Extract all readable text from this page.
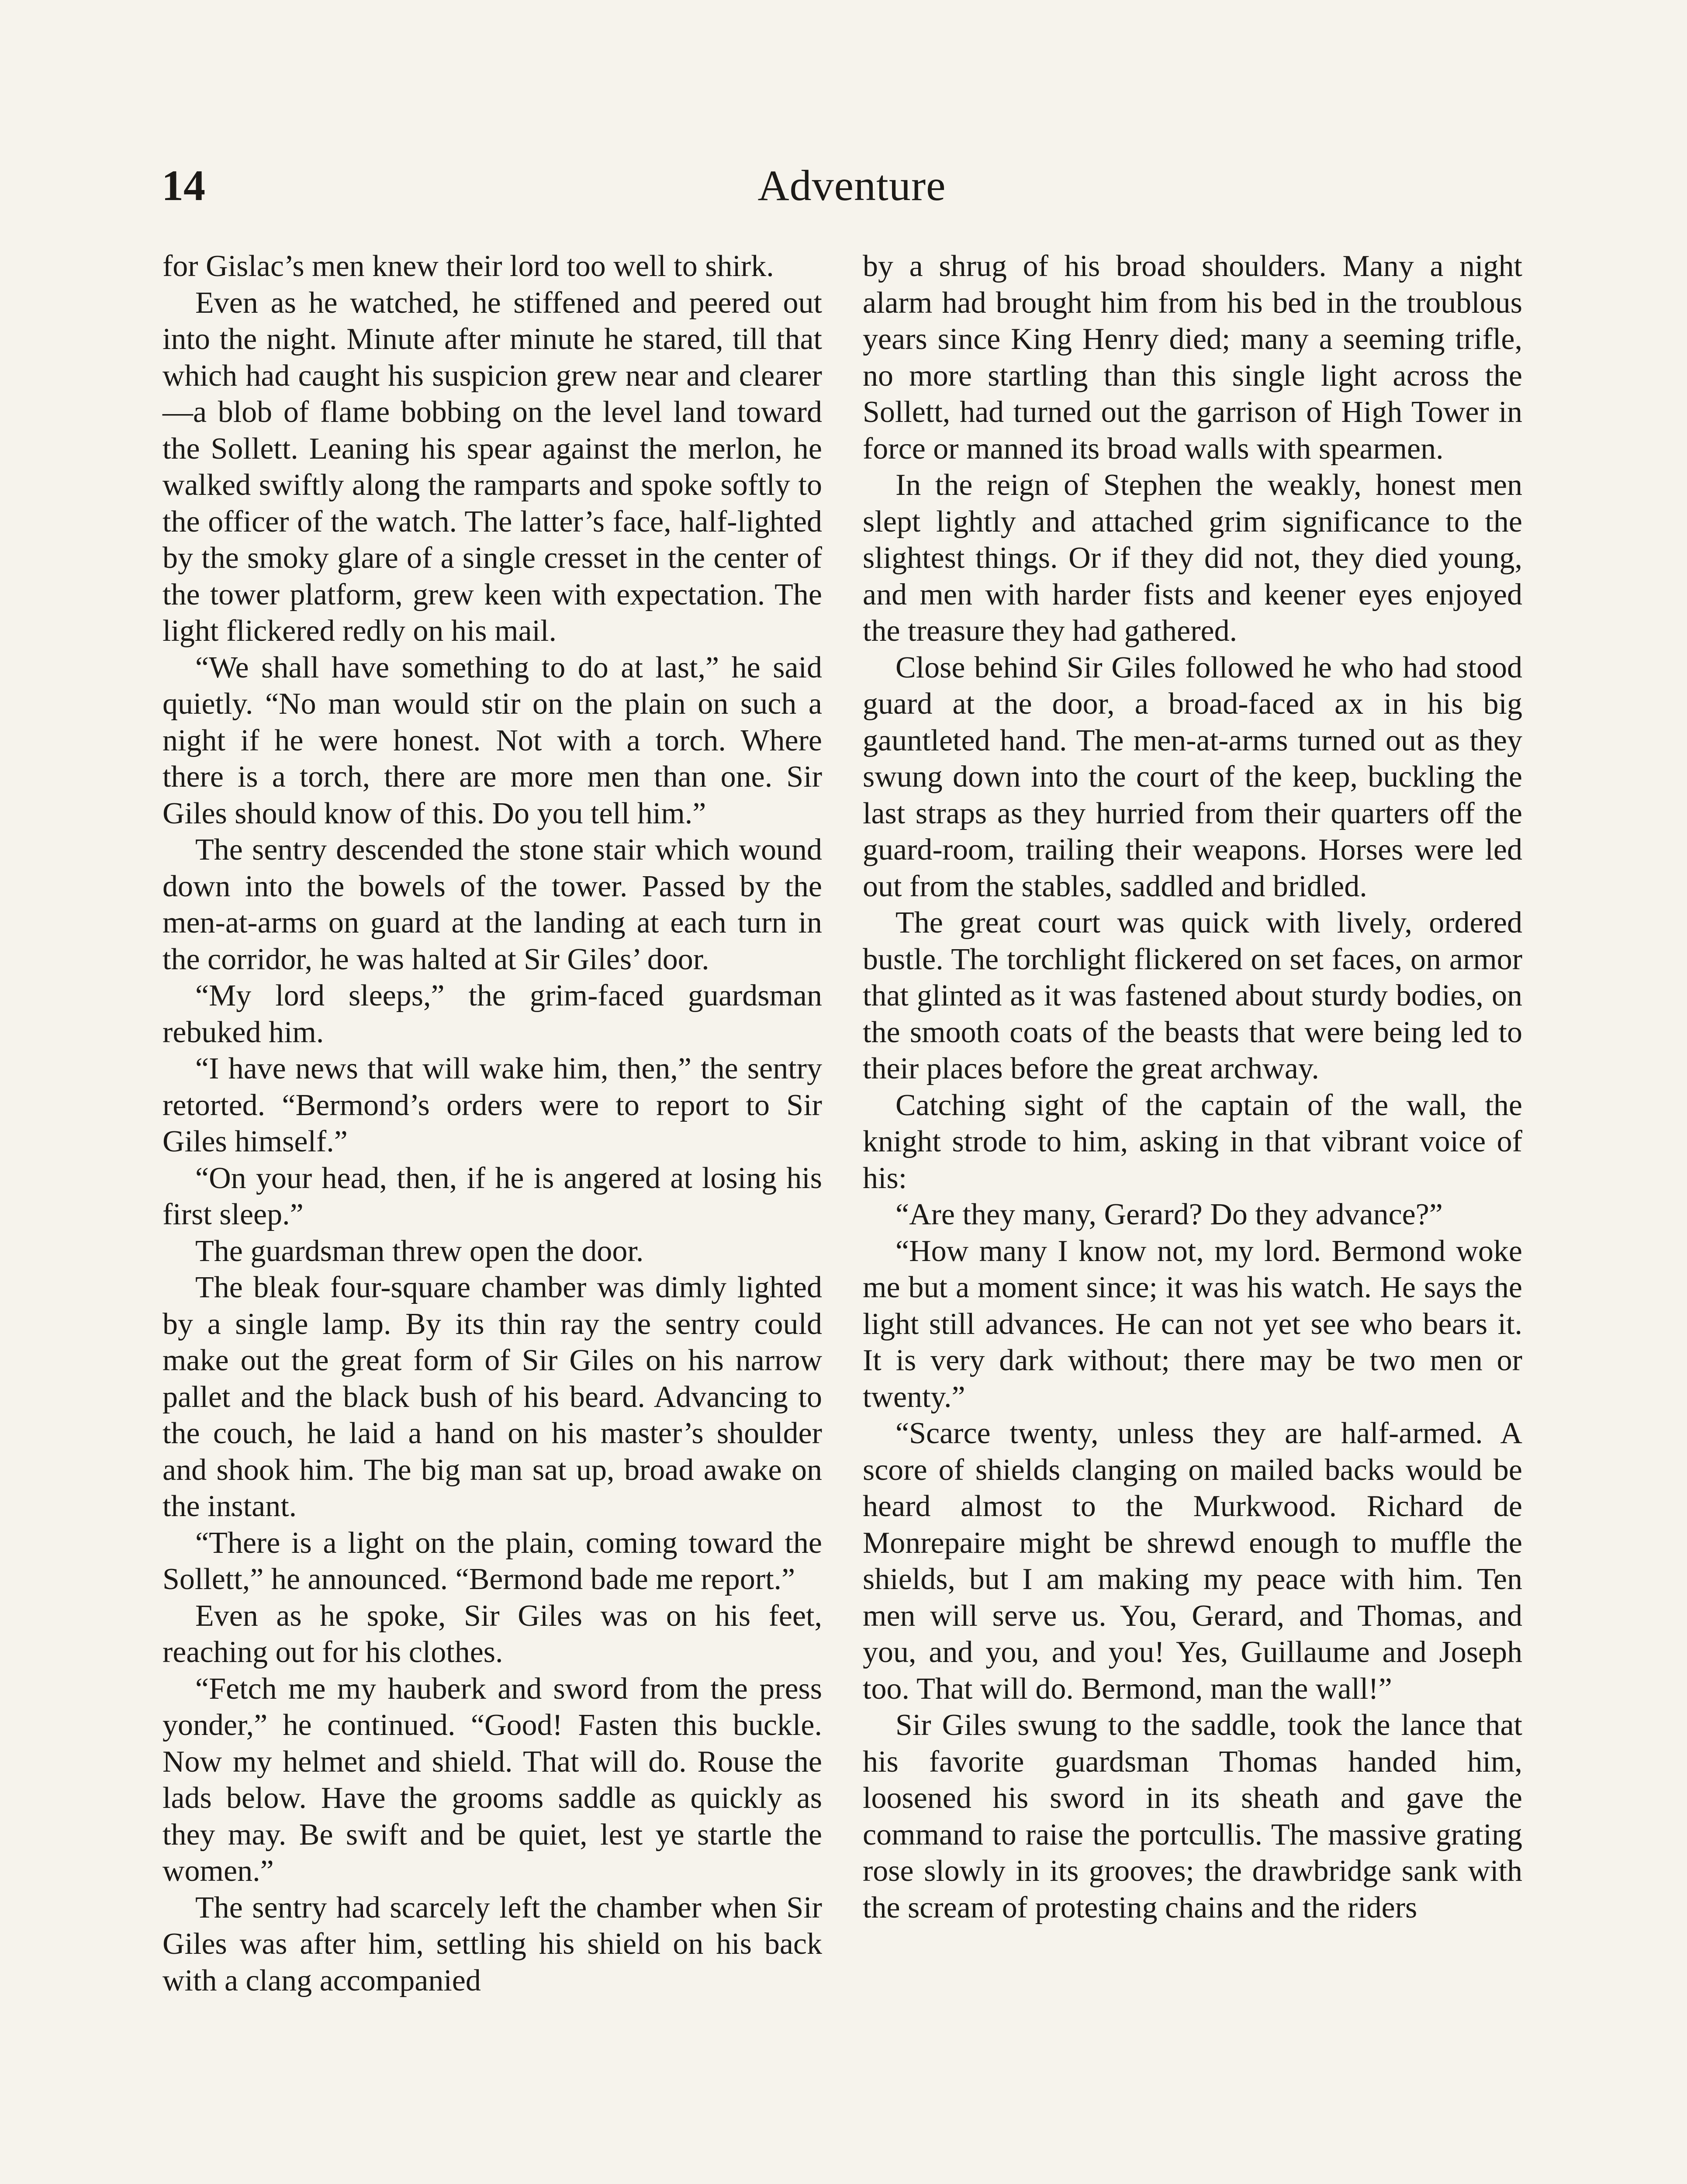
14	Adventure

for Gislac’s men knew their lord too well to shirk.

Even as he watched, he stiffened and peered out into the night. Minute after minute he stared, till that which had caught his suspicion grew near and clearer—a blob of flame bobbing on the level land toward the Sollett. Leaning his spear against the merlon, he walked swiftly along the ramparts and spoke softly to the officer of the watch. The latter’s face, half-lighted by the smoky glare of a single cresset in the center of the tower platform, grew keen with expectation. The light flickered redly on his mail.

“We shall have something to do at last,” he said quietly. “No man would stir on the plain on such a night if he were honest. Not with a torch. Where there is a torch, there are more men than one. Sir Giles should know of this. Do you tell him.”

The sentry descended the stone stair which wound down into the bowels of the tower. Passed by the men-at-arms on guard at the landing at each turn in the corridor, he was halted at Sir Giles’ door.

“My lord sleeps,” the grim-faced guardsman rebuked him.

“I have news that will wake him, then,” the sentry retorted. “Bermond’s orders were to report to Sir Giles himself.”

“On your head, then, if he is angered at losing his first sleep.”

The guardsman threw open the door.

The bleak four-square chamber was dimly lighted by a single lamp. By its thin ray the sentry could make out the great form of Sir Giles on his narrow pallet and the black bush of his beard. Advancing to the couch, he laid a hand on his master’s shoulder and shook him. The big man sat up, broad awake on the instant.

“There is a light on the plain, coming toward the Sollett,” he announced. “Bermond bade me report.”

Even as he spoke, Sir Giles was on his feet, reaching out for his clothes.

“Fetch me my hauberk and sword from the press yonder,” he continued. “Good! Fasten this buckle. Now my helmet and shield. That will do. Rouse the lads below. Have the grooms saddle as quickly as they may. Be swift and be quiet, lest ye startle the women.”

The sentry had scarcely left the chamber when Sir Giles was after him, settling his shield on his back with a clang accompanied

by a shrug of his broad shoulders. Many a night alarm had brought him from his bed in the troublous years since King Henry died; many a seeming trifle, no more startling than this single light across the Sollett, had turned out the garrison of High Tower in force or manned its broad walls with spearmen.

In the reign of Stephen the weakly, honest men slept lightly and attached grim significance to the slightest things. Or if they did not, they died young, and men with harder fists and keener eyes enjoyed the treasure they had gathered.

Close behind Sir Giles followed he who had stood guard at the door, a broad-faced ax in his big gauntleted hand. The men-at-arms turned out as they swung down into the court of the keep, buckling the last straps as they hurried from their quarters off the guard-room, trailing their weapons. Horses were led out from the stables, saddled and bridled.

The great court was quick with lively, ordered bustle. The torchlight flickered on set faces, on armor that glinted as it was fastened about sturdy bodies, on the smooth coats of the beasts that were being led to their places before the great archway.

Catching sight of the captain of the wall, the knight strode to him, asking in that vibrant voice of his:

“Are they many, Gerard? Do they advance?”

“How many I know not, my lord. Bermond woke me but a moment since; it was his watch. He says the light still advances. He can not yet see who bears it. It is very dark without; there may be two men or twenty.”

“Scarce twenty, unless they are half-armed. A score of shields clanging on mailed backs would be heard almost to the Murkwood. Richard de Monrepaire might be shrewd enough to muffle the shields, but I am making my peace with him. Ten men will serve us. You, Gerard, and Thomas, and you, and you, and you! Yes, Guillaume and Joseph too. That will do. Bermond, man the wall!”

Sir Giles swung to the saddle, took the lance that his favorite guardsman Thomas handed him, loosened his sword in its sheath and gave the command to raise the portcullis. The massive grating rose slowly in its grooves; the drawbridge sank with the scream of protesting chains and the riders
